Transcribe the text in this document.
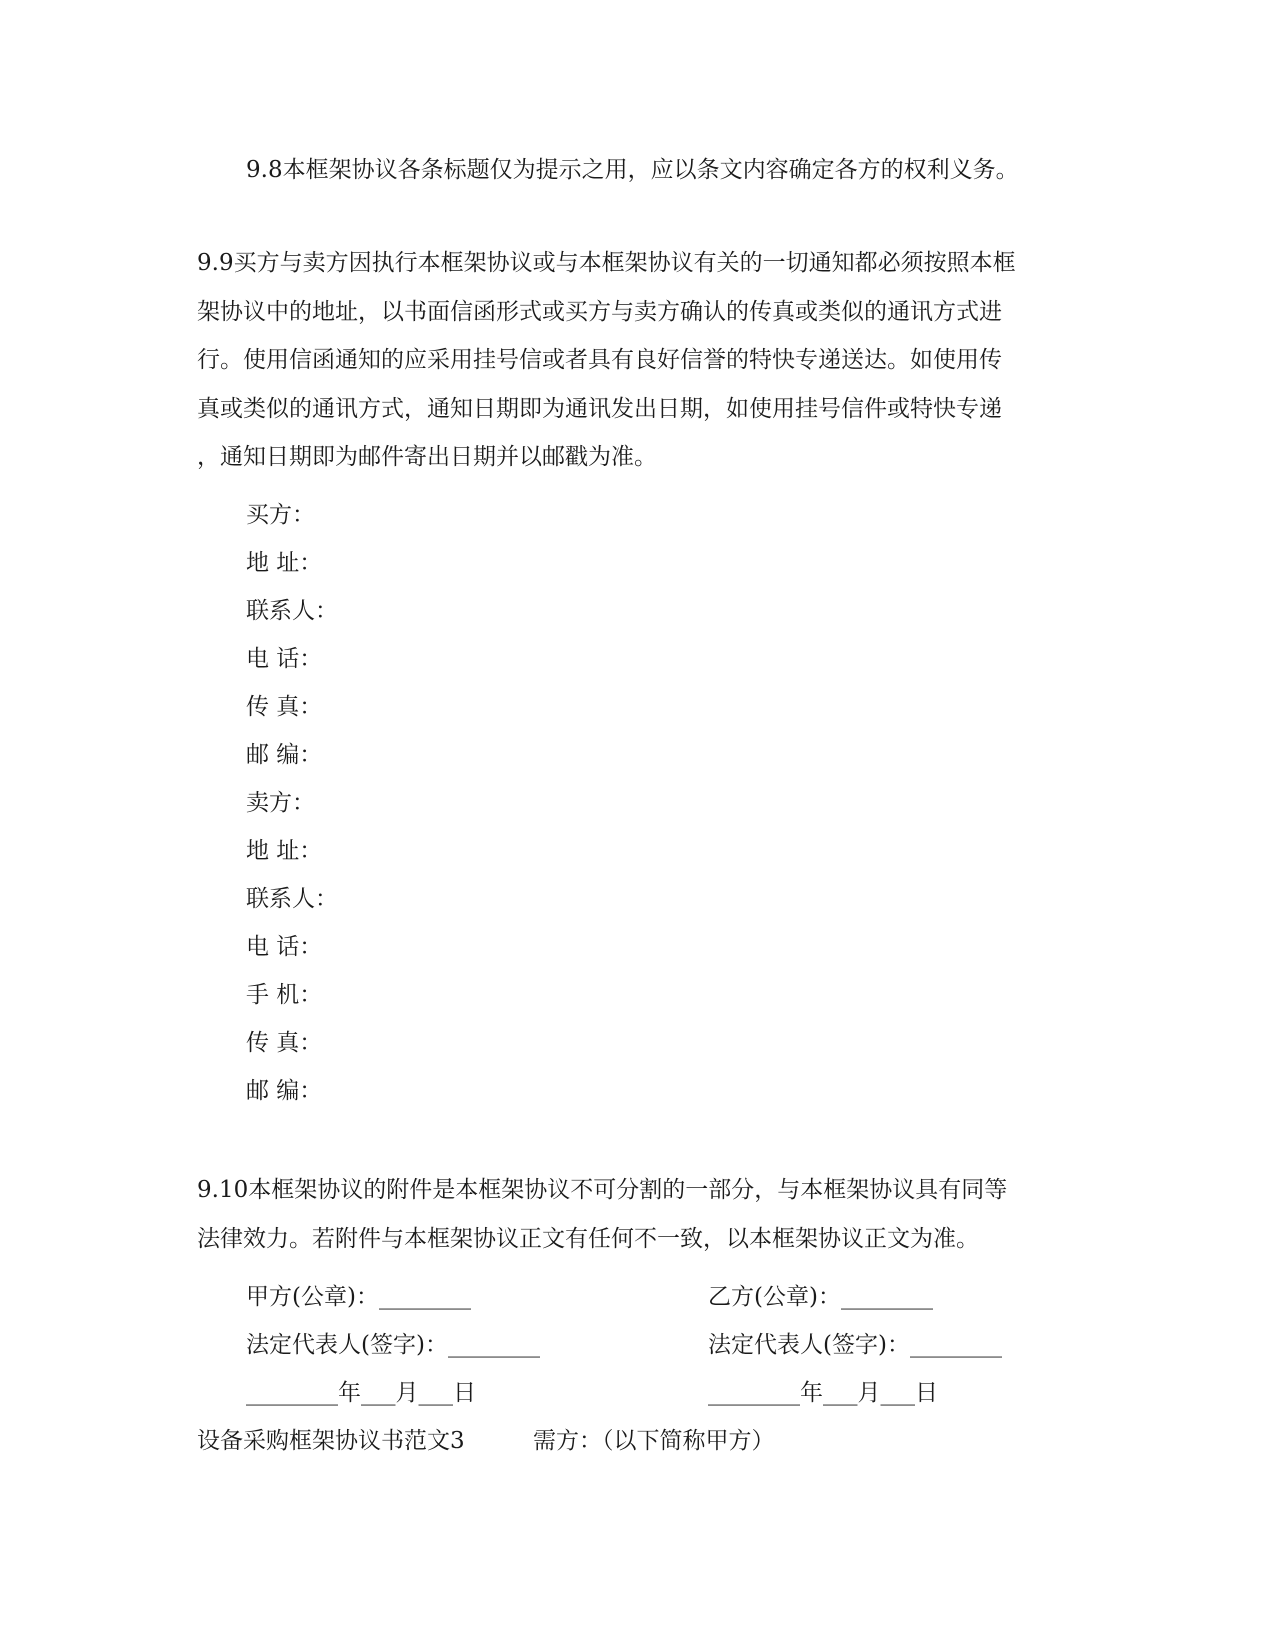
9.8本框架协议各条标题仅为提示之用，应以条文内容确定各方的权利义务。
9.9买方与卖方因执行本框架协议或与本框架协议有关的一切通知都必须按照本框
架协议中的地址，以书面信函形式或买方与卖方确认的传真或类似的通讯方式进
行。使用信函通知的应采用挂号信或者具有良好信誉的特快专递送达。如使用传
真或类似的通讯方式，通知日期即为通讯发出日期，如使用挂号信件或特快专递
，通知日期即为邮件寄出日期并以邮戳为准。
买方：
地 址：
联系人：
电 话：
传 真：
邮 编：
卖方：
地 址：
联系人：
电 话：
手 机：
传 真：
邮 编：
9.10本框架协议的附件是本框架协议不可分割的一部分，与本框架协议具有同等
法律效力。若附件与本框架协议正文有任何不一致，以本框架协议正文为准。
甲方(公章)：________	乙方(公章)：________
法定代表人(签字)：________	法定代表人(签字)：________
________年___月___日	________年___月___日
设备采购框架协议书范文3	需方：（以下简称甲方）
